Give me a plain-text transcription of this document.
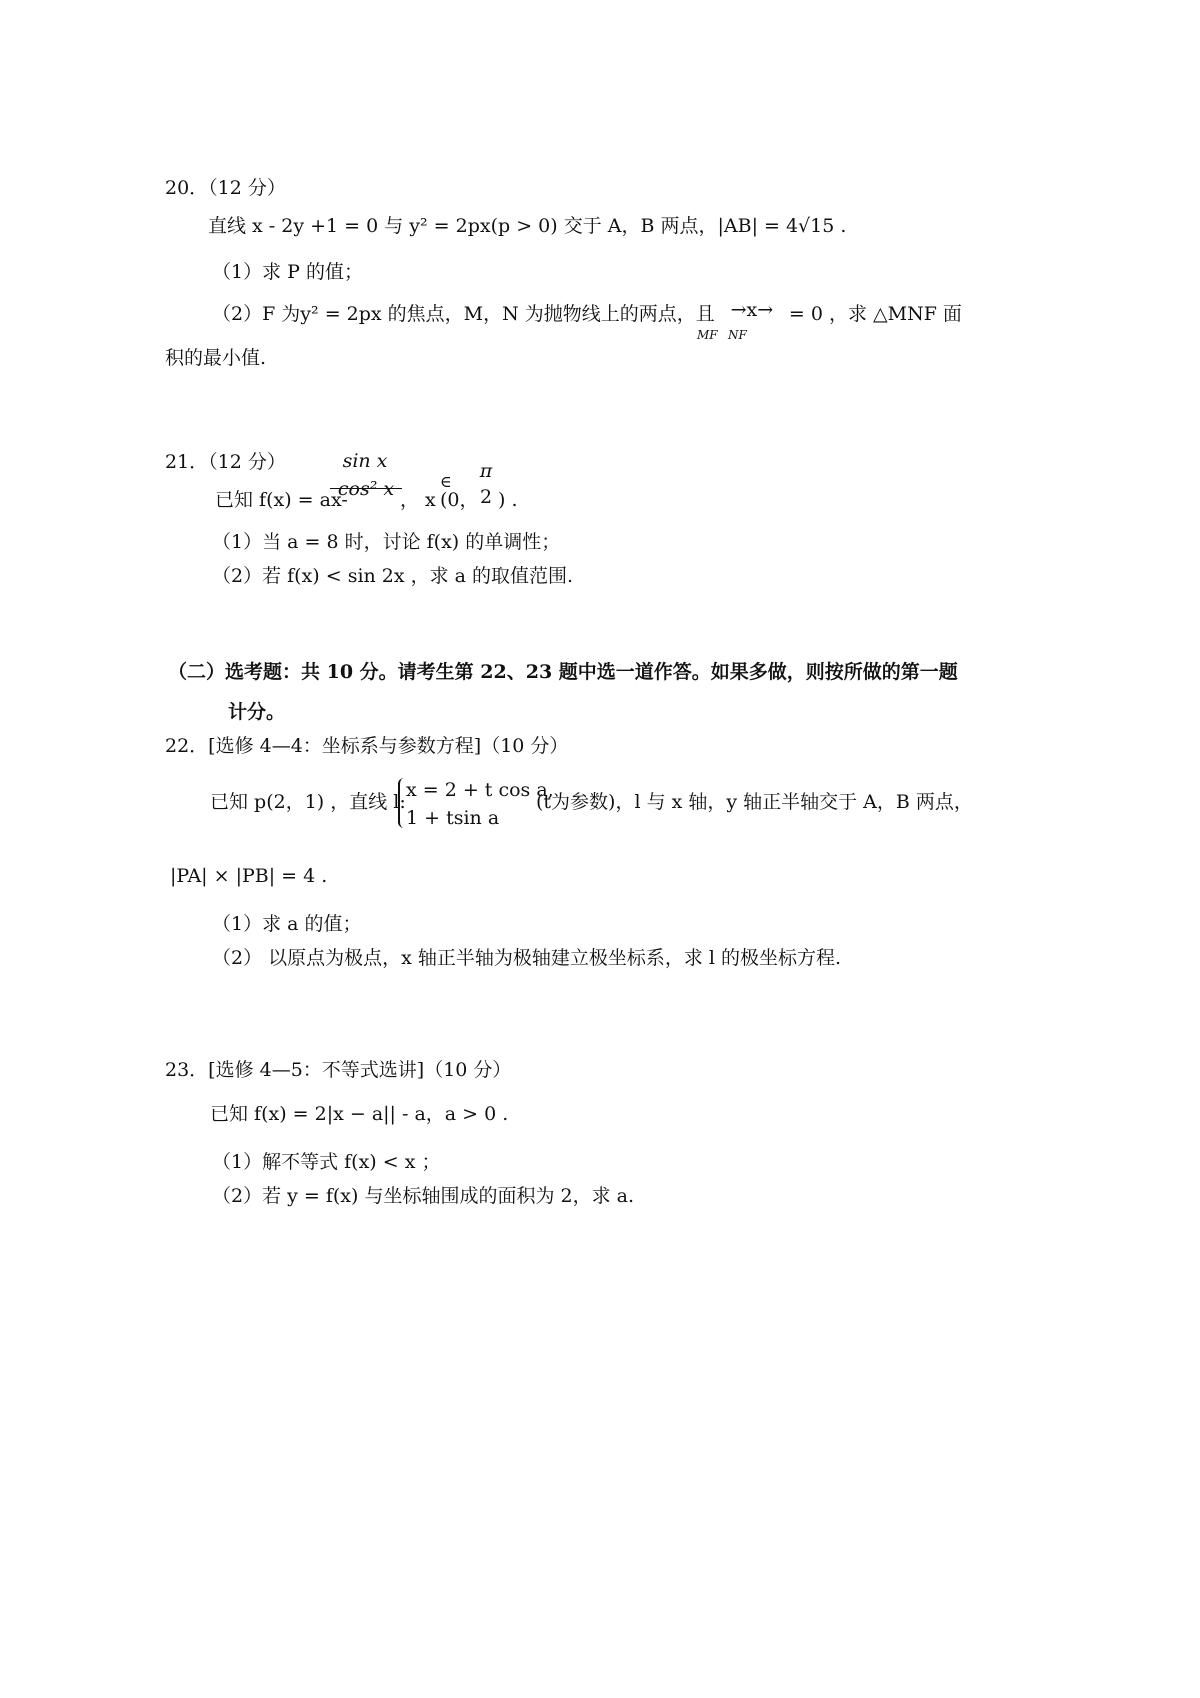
20．（12 分）
直线 x - 2y +1 = 0 与 y² = 2px(p > 0) 交于 A，B 两点，|AB| = 4√15 .
（1）求 P 的值；
（2）F 为y² = 2px 的焦点，M，N 为抛物线上的两点，且 →x→ = 0 ，求 △MNF 面
MF NF
积的最小值.
21．（12 分）	sin x
已知 f(x) = ax-
cos² x ， x
∈
(0，
π
2 ) .
（1）当 a = 8 时，讨论 f(x) 的单调性；
（2）若 f(x) < sin 2x ，求 a 的取值范围.
（二）选考题：共 10 分。请考生第 22、23 题中选一道作答。如果多做，则按所做的第一题
计分。
22．[选修 4—4：坐标系与参数方程]（10 分）
已知 p(2，1) ，直线 l:
x = 2 + t cos a,
1 + tsin a
(t为参数)，l 与 x 轴，y 轴正半轴交于 A，B 两点，
|PA| × |PB| = 4 .
（1）求 a 的值；
（2） 以原点为极点，x 轴正半轴为极轴建立极坐标系，求 l 的极坐标方程.
23．[选修 4—5：不等式选讲]（10 分）
已知 f(x) = 2|x − a|| - a，a > 0 .
（1）解不等式 f(x) < x ；
（2）若 y = f(x) 与坐标轴围成的面积为 2，求 a.
